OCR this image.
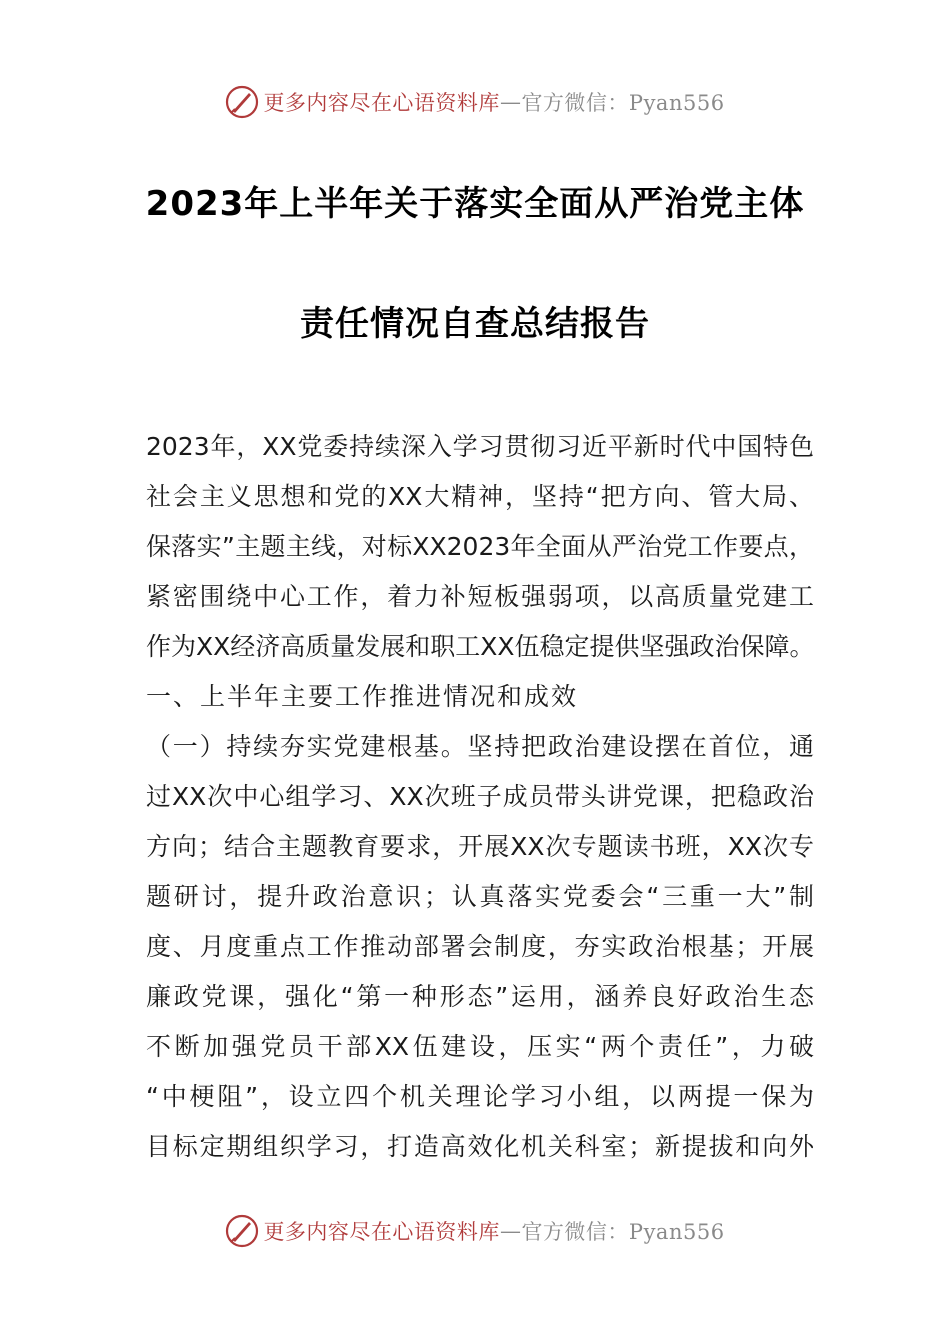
更多内容尽在心语资料库 — 官方微信：Pyan556
2023年上半年关于落实全面从严治党主体
责任情况自查总结报告
2023年，XX党委持续深入学习贯彻习近平新时代中国特色
社会主义思想和党的XX大精神，坚持“把方向、管大局、
保落实”主题主线，对标XX2023年全面从严治党工作要点，
紧密围绕中心工作，着力补短板强弱项，以高质量党建工
作为XX经济高质量发展和职工XX伍稳定提供坚强政治保障。
一、上半年主要工作推进情况和成效
（一）持续夯实党建根基。坚持把政治建设摆在首位，通
过XX次中心组学习、XX次班子成员带头讲党课，把稳政治
方向；结合主题教育要求，开展XX次专题读书班，XX次专
题研讨，提升政治意识；认真落实党委会“三重一大”制
度、月度重点工作推动部署会制度，夯实政治根基；开展
廉政党课，强化“第一种形态”运用，涵养良好政治生态
不断加强党员干部XX伍建设，压实“两个责任”，力破
“中梗阻”，设立四个机关理论学习小组，以两提一保为
目标定期组织学习，打造高效化机关科室；新提拔和向外
更多内容尽在心语资料库 — 官方微信：Pyan556
